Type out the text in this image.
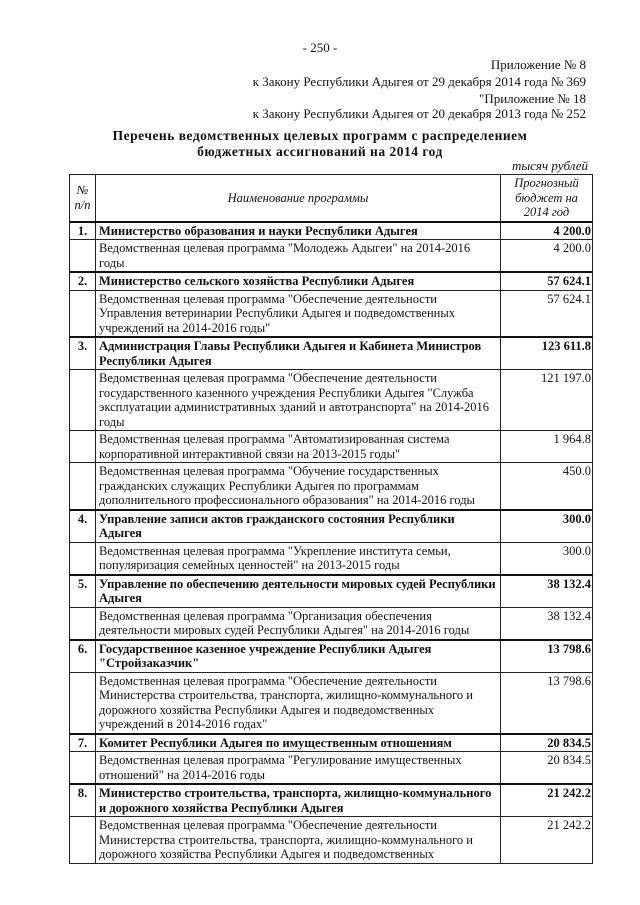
- 250 -
Приложение № 8
к Закону Республики Адыгея от 29 декабря 2014 года № 369
"Приложение № 18
к Закону Республики Адыгея от 20 декабря 2013 года № 252
Перечень ведомственных целевых программ с распределением
бюджетных ассигнований на 2014 год
тысяч рублей
№ п/п	Наименование программы	Прогнозный бюджет на 2014 год
1.	Министерство образования и науки Республики Адыгея	4 200.0
	Ведомственная целевая программа "Молодежь Адыгеи" на 2014-2016 годы	4 200.0
2.	Министерство сельского хозяйства Республики Адыгея	57 624.1
	Ведомственная целевая программа "Обеспечение деятельности Управления ветеринарии Республики Адыгея и подведомственных учреждений на 2014-2016 годы"	57 624.1
3.	Администрация Главы Республики Адыгея и Кабинета Министров Республики Адыгея	123 611.8
	Ведомственная целевая программа "Обеспечение деятельности государственного казенного учреждения Республики Адыгея "Служба эксплуатации административных зданий и автотранспорта" на 2014-2016 годы	121 197.0
	Ведомственная целевая программа "Автоматизированная система корпоративной интерактивной связи на 2013-2015 годы"	1 964.8
	Ведомственная целевая программа "Обучение государственных гражданских служащих Республики Адыгея по программам дополнительного профессионального образования" на 2014-2016 годы	450.0
4.	Управление записи актов гражданского состояния Республики Адыгея	300.0
	Ведомственная целевая программа "Укрепление института семьи, популяризация семейных ценностей" на 2013-2015 годы	300.0
5.	Управление по обеспечению деятельности мировых судей Республики Адыгея	38 132.4
	Ведомственная целевая программа "Организация обеспечения деятельности мировых судей Республики Адыгея" на 2014-2016 годы	38 132.4
6.	Государственное казенное учреждение Республики Адыгея "Стройзаказчик"	13 798.6
	Ведомственная целевая программа "Обеспечение деятельности Министерства строительства, транспорта, жилищно-коммунального и дорожного хозяйства Республики Адыгея и подведомственных учреждений в 2014-2016 годах"	13 798.6
7.	Комитет Республики Адыгея по имущественным отношениям	20 834.5
	Ведомственная целевая программа "Регулирование имущественных отношений" на 2014-2016 годы	20 834.5
8.	Министерство строительства, транспорта, жилищно-коммунального и дорожного хозяйства Республики Адыгея	21 242.2
	Ведомственная целевая программа "Обеспечение деятельности Министерства строительства, транспорта, жилищно-коммунального и дорожного хозяйства Республики Адыгея и подведомственных	21 242.2
